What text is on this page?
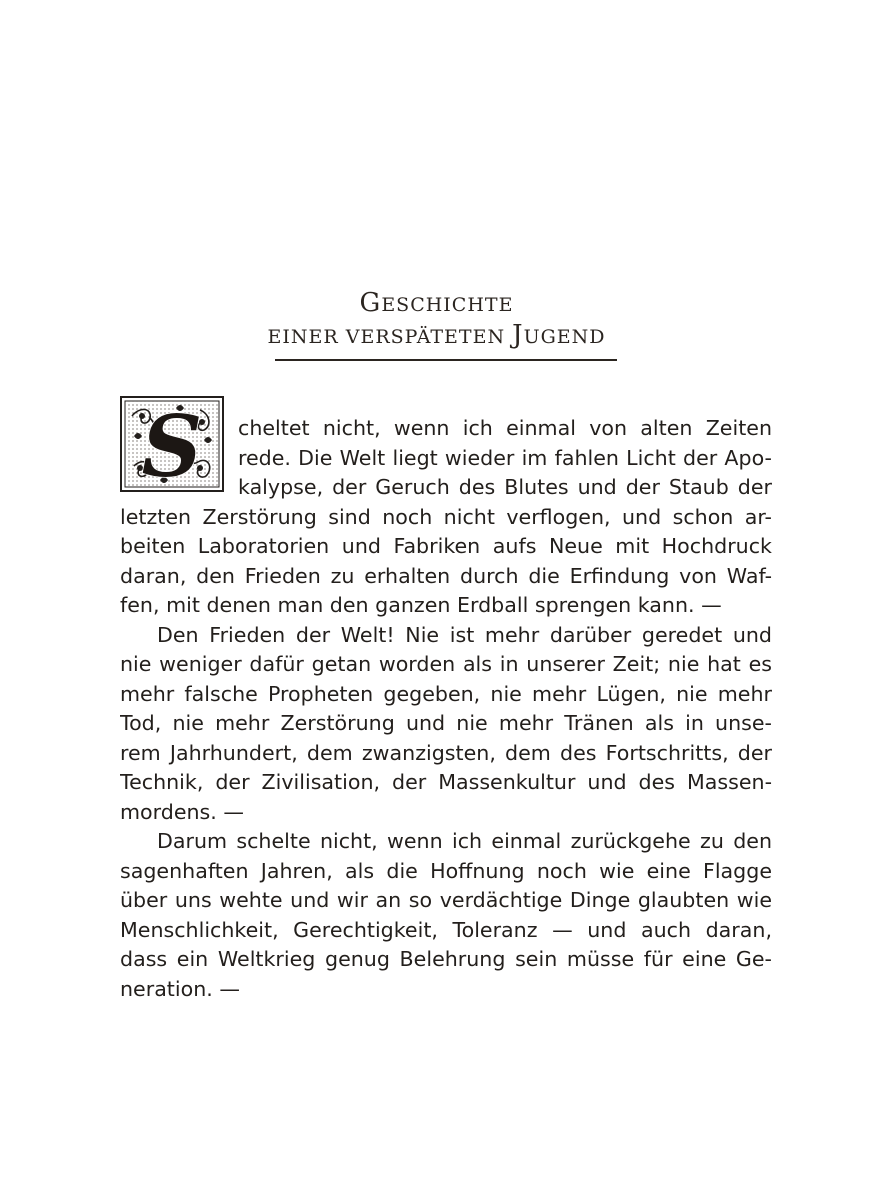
GESCHICHTE
EINER VERSPÄTETEN JUGEND
S cheltet nicht, wenn ich einmal von alten Zeiten
rede. Die Welt liegt wieder im fahlen Licht der Apo-
kalypse, der Geruch des Blutes und der Staub der
letzten Zerstörung sind noch nicht verflogen, und schon ar-
beiten Laboratorien und Fabriken aufs Neue mit Hochdruck
daran, den Frieden zu erhalten durch die Erfindung von Waf-
fen, mit denen man den ganzen Erdball sprengen kann. —
Den Frieden der Welt! Nie ist mehr darüber geredet und
nie weniger dafür getan worden als in unserer Zeit; nie hat es
mehr falsche Propheten gegeben, nie mehr Lügen, nie mehr
Tod, nie mehr Zerstörung und nie mehr Tränen als in unse-
rem Jahrhundert, dem zwanzigsten, dem des Fortschritts, der
Technik, der Zivilisation, der Massenkultur und des Massen-
mordens. —
Darum schelte nicht, wenn ich einmal zurückgehe zu den
sagenhaften Jahren, als die Hoffnung noch wie eine Flagge
über uns wehte und wir an so verdächtige Dinge glaubten wie
Menschlichkeit, Gerechtigkeit, Toleranz — und auch daran,
dass ein Weltkrieg genug Belehrung sein müsse für eine Ge-
neration. —
